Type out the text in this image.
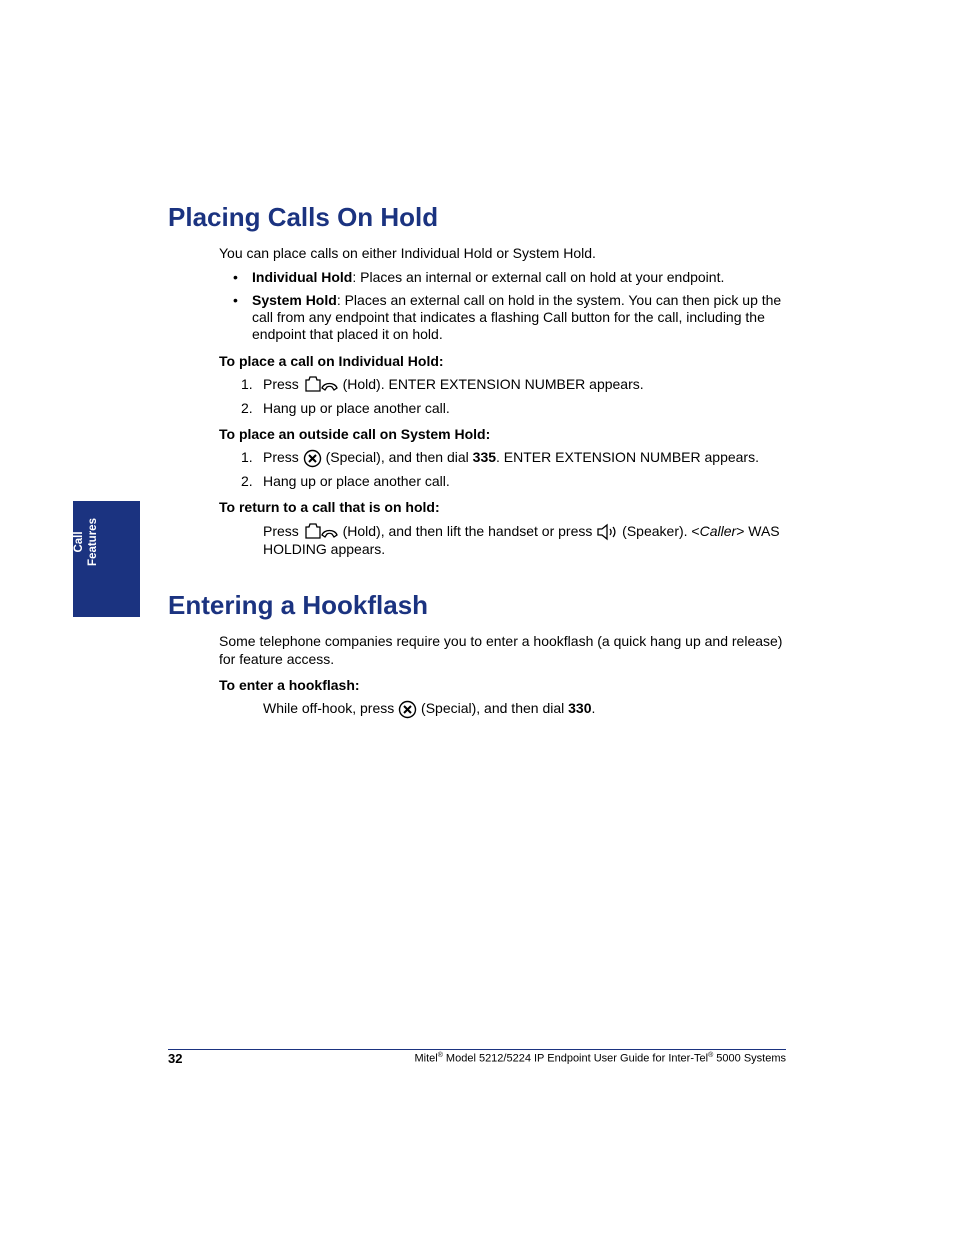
Call Features
Placing Calls On Hold

You can place calls on either Individual Hold or System Hold.

• Individual Hold: Places an internal or external call on hold at your endpoint.

• System Hold: Places an external call on hold in the system. You can then pick up the call from any endpoint that indicates a flashing Call button for the call, including the endpoint that placed it on hold.

To place a call on Individual Hold:

1. Press	(Hold). ENTER EXTENSION NUMBER appears.

2. Hang up or place another call.

To place an outside call on System Hold:

1. Press (Special), and then dial 335. ENTER EXTENSION NUMBER appears.

2. Hang up or place another call.

To return to a call that is on hold:

Press	(Hold), and then lift the handset or press (Speaker). <Caller> WAS HOLDING appears.

Entering a Hookflash

Some telephone companies require you to enter a hookflash (a quick hang up and release) for feature access.

To enter a hookflash:

While off-hook, press (Special), and then dial 330.

32	Mitel® Model 5212/5224 IP Endpoint User Guide for Inter-Tel® 5000 Systems
